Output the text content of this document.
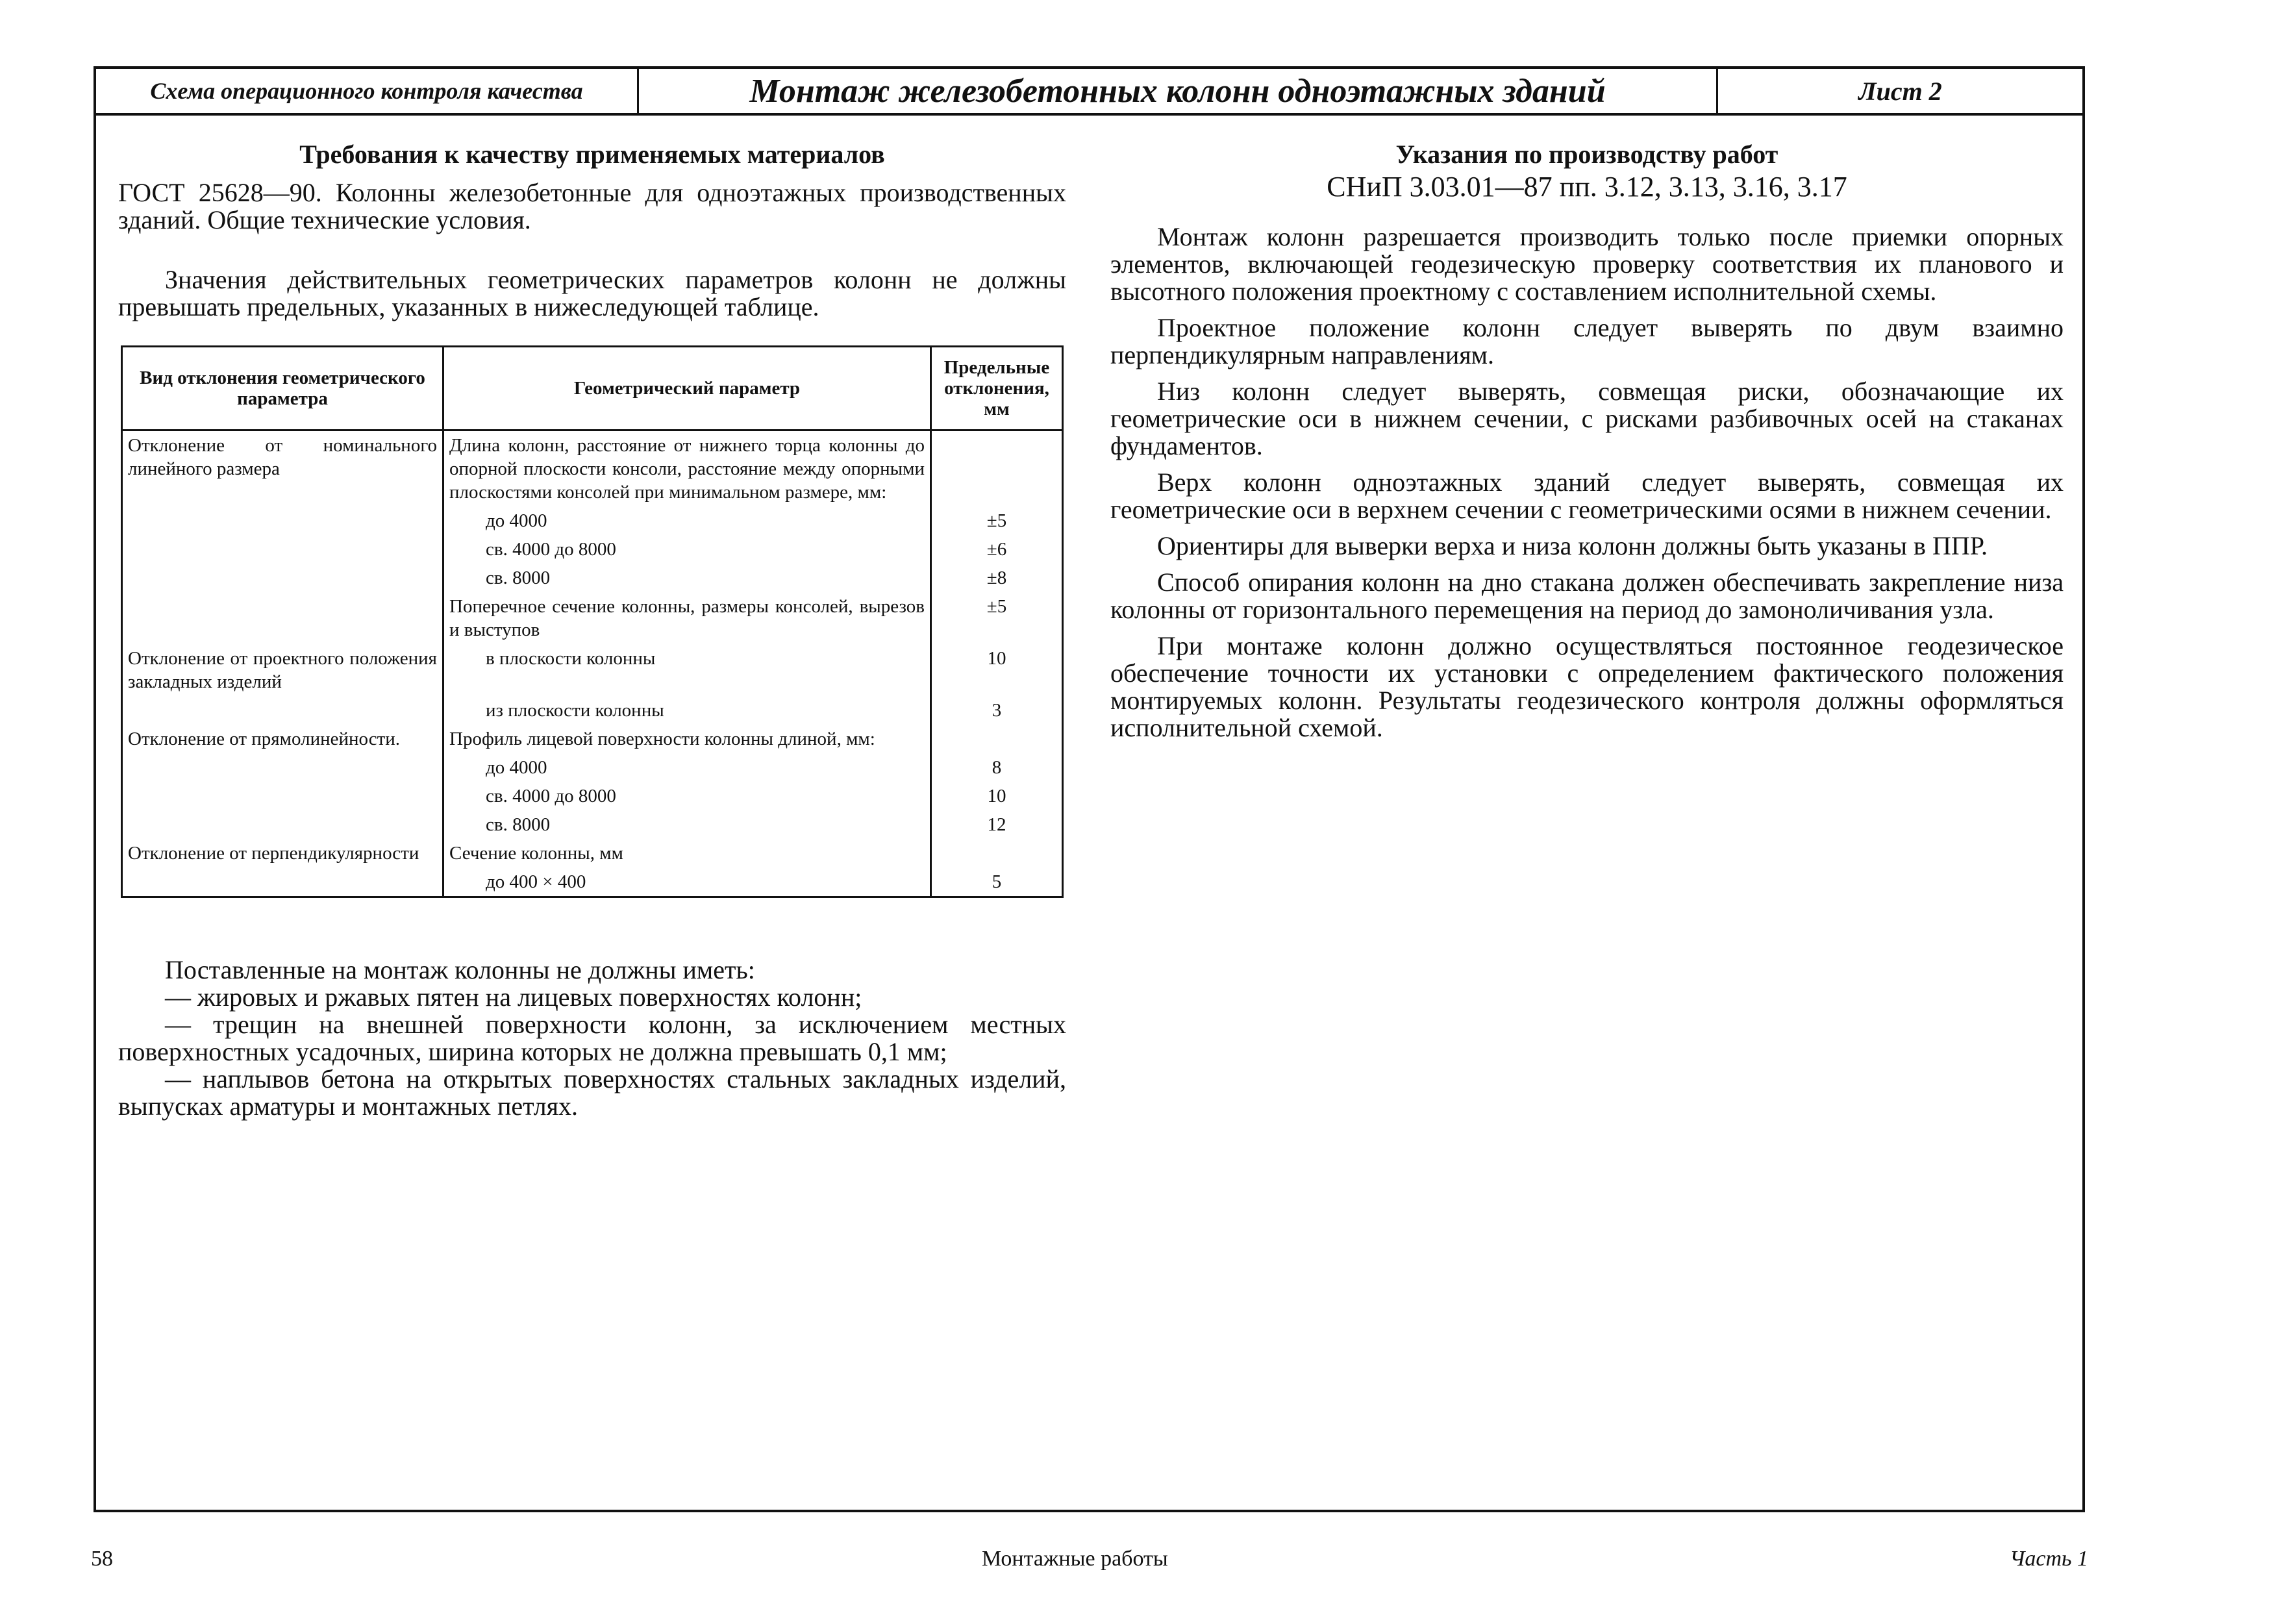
Схема операционного контроля качества	Монтаж железобетонных колонн одноэтажных зданий	Лист 2
Требования к качеству применяемых материалов

ГОСТ 25628—90. Колонны железобетонные для одноэтажных производственных зданий. Общие технические условия.

Значения действительных геометрических параметров колонн не должны превышать предельных, указанных в нижеследующей таблице.

Вид отклонения геометрического параметра	Геометрический параметр	Предельные отклонения, мм
Отклонение от номинального линейного размера	Длина колонн, расстояние от нижнего торца колонны до опорной плоскости консоли, расстояние между опорными плоскостями консолей при минимальном размере, мм:	

	до 4000	±5

	св. 4000 до 8000	±6

	св. 8000	±8
	Поперечное сечение колонны, размеры консолей, вырезов и выступов	±5
Отклонение от проектного положения закладных изделий	в плоскости колонны	10

	из плоскости колонны	3
Отклонение от прямолинейности.	Профиль лицевой поверхности колонны длиной, мм:	

	до 4000	8

	св. 4000 до 8000	10

	св. 8000	12
Отклонение от перпендикулярности	Сечение колонны, мм	

	до 400 × 400	5

Поставленные на монтаж колонны не должны иметь:

— жировых и ржавых пятен на лицевых поверхностях колонн;

— трещин на внешней поверхности колонн, за исключением местных поверхностных усадочных, ширина которых не должна превышать 0,1 мм;

— наплывов бетона на открытых поверхностях стальных закладных изделий, выпусках арматуры и монтажных петлях.

Указания по производству работ
СНиП 3.03.01—87 пп. 3.12, 3.13, 3.16, 3.17

Монтаж колонн разрешается производить только после приемки опорных элементов, включающей геодезическую проверку соответствия их планового и высотного положения проектному с составлением исполнительной схемы.

Проектное положение колонн следует выверять по двум взаимно перпендикулярным направлениям.

Низ колонн следует выверять, совмещая риски, обозначающие их геометрические оси в нижнем сечении, с рисками разбивочных осей на стаканах фундаментов.

Верх колонн одноэтажных зданий следует выверять, совмещая их геометрические оси в верхнем сечении с геометрическими осями в нижнем сечении.

Ориентиры для выверки верха и низа колонн должны быть указаны в ППР.

Способ опирания колонн на дно стакана должен обеспечивать закрепление низа колонны от горизонтального перемещения на период до замоноличивания узла.

При монтаже колонн должно осуществляться постоянное геодезическое обеспечение точности их установки с определением фактического положения монтируемых колонн. Результаты геодезического контроля должны оформляться исполнительной схемой.

58	Монтажные работы	Часть 1
